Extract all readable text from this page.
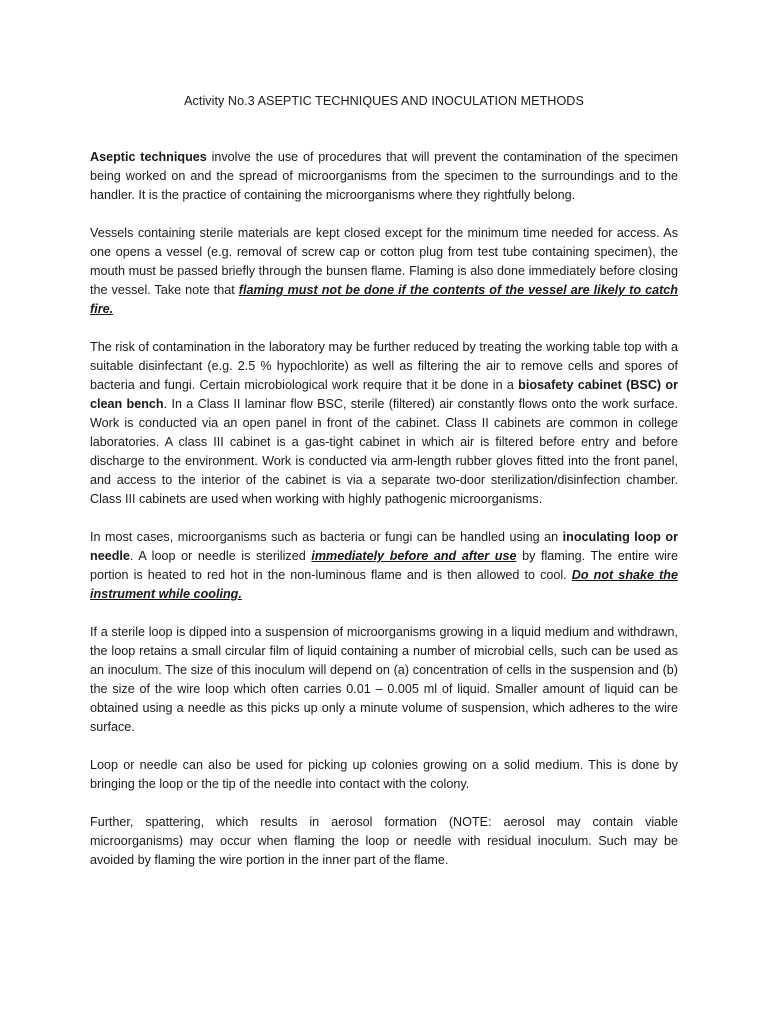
Activity No.3 ASEPTIC TECHNIQUES AND INOCULATION METHODS

Aseptic techniques involve the use of procedures that will prevent the contamination of the specimen being worked on and the spread of microorganisms from the specimen to the surroundings and to the handler. It is the practice of containing the microorganisms where they rightfully belong.

Vessels containing sterile materials are kept closed except for the minimum time needed for access. As one opens a vessel (e.g. removal of screw cap or cotton plug from test tube containing specimen), the mouth must be passed briefly through the bunsen flame. Flaming is also done immediately before closing the vessel. Take note that flaming must not be done if the contents of the vessel are likely to catch fire.

The risk of contamination in the laboratory may be further reduced by treating the working table top with a suitable disinfectant (e.g. 2.5 % hypochlorite) as well as filtering the air to remove cells and spores of bacteria and fungi. Certain microbiological work require that it be done in a biosafety cabinet (BSC) or clean bench. In a Class II laminar flow BSC, sterile (filtered) air constantly flows onto the work surface. Work is conducted via an open panel in front of the cabinet. Class II cabinets are common in college laboratories. A class III cabinet is a gas-tight cabinet in which air is filtered before entry and before discharge to the environment. Work is conducted via arm-length rubber gloves fitted into the front panel, and access to the interior of the cabinet is via a separate two-door sterilization/disinfection chamber. Class III cabinets are used when working with highly pathogenic microorganisms.

In most cases, microorganisms such as bacteria or fungi can be handled using an inoculating loop or needle. A loop or needle is sterilized immediately before and after use by flaming. The entire wire portion is heated to red hot in the non-luminous flame and is then allowed to cool. Do not shake the instrument while cooling.

If a sterile loop is dipped into a suspension of microorganisms growing in a liquid medium and withdrawn, the loop retains a small circular film of liquid containing a number of microbial cells, such can be used as an inoculum. The size of this inoculum will depend on (a) concentration of cells in the suspension and (b) the size of the wire loop which often carries 0.01 – 0.005 ml of liquid. Smaller amount of liquid can be obtained using a needle as this picks up only a minute volume of suspension, which adheres to the wire surface.

Loop or needle can also be used for picking up colonies growing on a solid medium. This is done by bringing the loop or the tip of the needle into contact with the colony.

Further, spattering, which results in aerosol formation (NOTE: aerosol may contain viable microorganisms) may occur when flaming the loop or needle with residual inoculum. Such may be avoided by flaming the wire portion in the inner part of the flame.
